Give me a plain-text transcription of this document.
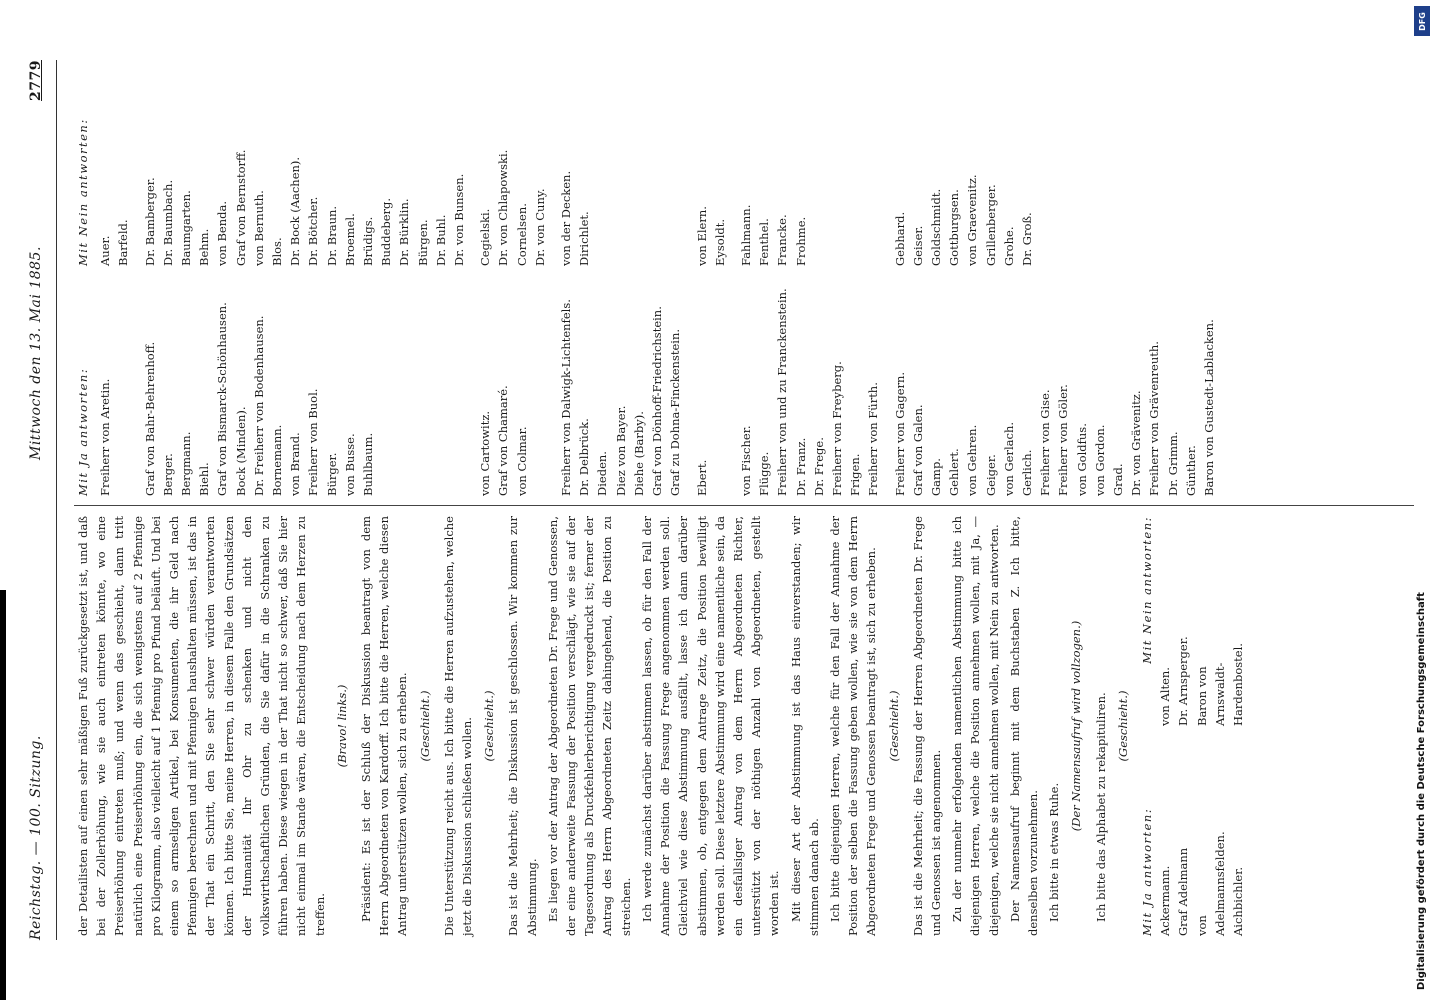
Reichstag. — 100. Sitzung.
Mittwoch den 13. Mai 1885.
2779

der Detailisten auf einen sehr mäßigen Fuß zurückgesetzt ist, und daß bei der Zollerhöhung, wie sie auch eintreten könnte, wo eine Preiserhöhung eintreten muß; und wenn das geschieht, dann tritt natürlich eine Preiserhöhung ein, die sich wenigstens auf 2 Pfennige pro Kilogramm, also vielleicht auf 1 Pfennig pro Pfund beläuft. Und bei einem so armseligen Artikel, bei Konsumenten, die ihr Geld nach Pfennigen berechnen und mit Pfennigen haushalten müssen, ist das in der That ein Schritt, den Sie sehr schwer würden verantworten können. Ich bitte Sie, meine Herren, in diesem Falle den Grundsätzen der Humanität Ihr Ohr zu schenken und nicht den volkswirthschaftlichen Gründen, die Sie dafür in die Schranken zu führen haben. Diese wiegen in der That nicht so schwer, daß Sie hier nicht einmal im Stande wären, die Entscheidung nach dem Herzen zu treffen.

(Bravo! links.) Präsident: Es ist der Schluß der Diskussion beantragt von dem Herrn Abgeordneten von Kardorff. Ich bitte die Herren, welche diesen Antrag unterstützen wollen, sich zu erheben. (Geschieht.) Die Unterstützung reicht aus. Ich bitte die Herren aufzustehen, welche jetzt die Diskussion schließen wollen. (Geschieht.) Das ist die Mehrheit; die Diskussion ist geschlossen. Wir kommen zur Abstimmung. Es liegen vor der Antrag der Abgeordneten Dr. Frege und Genossen, der eine anderweite Fassung der Position verschlägt, wie sie auf der Tagesordnung als Druckfehlerberichtigung vergedruckt ist; ferner der Antrag des Herrn Abgeordneten Zeitz dahingehend, die Position zu streichen. Ich werde zunächst darüber abstimmen lassen, ob für den Fall der Annahme der Position die Fassung Frege angenommen werden soll. Gleichviel wie diese Abstimmung ausfällt, lasse ich dann darüber abstimmen, ob, entgegen dem Antrage Zeitz, die Position bewilligt werden soll. Diese letztere Abstimmung wird eine namentliche sein, da ein desfallsiger Antrag von dem Herrn Abgeordneten Richter, unterstützt von der nöthigen Anzahl von Abgeordneten, gestellt worden ist. Mit dieser Art der Abstimmung ist das Haus einverstanden; wir stimmen danach ab. Ich bitte diejenigen Herren, welche für den Fall der Annahme der Position der selben die Fassung geben wollen, wie sie von dem Herrn Abgeordneten Frege und Genossen beantragt ist, sich zu erheben. (Geschieht.) Das ist die Mehrheit; die Fassung der Herren Abgeordneten Dr. Frege und Genossen ist angenommen. Zu der nunmehr erfolgenden namentlichen Abstimmung bitte ich diejenigen Herren, welche die Position annehmen wollen, mit Ja, — diejenigen, welche sie nicht annehmen wollen, mit Nein zu antworten. Der Namensaufruf beginnt mit dem Buchstaben Z. Ich bitte, denselben vorzunehmen. Ich bitte in etwas Ruhe.

(Der Namensaufruf wird vollzogen.) Ich bitte das Alphabet zu rekapituliren. (Geschieht.)

Mit Ja antworten:
Mit Nein antworten:
Ackermann. Graf Adelmann von Adelmannsfelden. Aichbichler.
von Alten. Dr. Arnsperger. Baron von Arnswaldt-Hardenbostel.
Mit Ja antworten:
Mit Nein antworten:
Freiherr von Aretin.
Auer. Barfeld.
Graf von Bahr-Behrenhoff. Berger. Bergmann. Biehl. Graf von Bismarck-Schönhausen. Bock (Minden). Dr. Freiherr von Bodenhausen. Bornemann. von Brand. Freiherr von Buol. Bürger. von Busse. Buhlbaum.
Dr. Bamberger. Dr. Baumbach. Baumgarten. Behm. von Benda. Graf von Bernstorff. von Bernuth. Blos. Dr. Bock (Aachen). Dr. Bötcher. Dr. Braun. Broemel. Brüdigs. Buddeberg. Dr. Bürklin. Bürgen. Dr. Buhl. Dr. von Bunsen.
von Cartowitz. Graf von Chamaré. von Colmar.
Cegielski. Dr. von Chlapowski. Cornelsen. Dr. von Cuny.
Freiherr von Dalwigk-Lichtenfels. Dr. Delbrück. Dieden. Diez von Bayer. Diehe (Barby). Graf von Dönhoff-Friedrichstein. Graf zu Dohna-Finckenstein.
von der Decken. Dirichlet.
Ebert.
von Elern. Eysoldt.
von Fischer. Flügge. Freiherr von und zu Franckenstein. Dr. Franz. Dr. Frege. Freiherr von Freyberg. Frigen. Freiherr von Fürth.
Fahlmann. Fenthel. Francke. Frohme.
Freiherr von Gagern. Graf von Galen. Gamp. Gehlert. von Gehren. Geiger. von Gerlach. Gerlich. Freiherr von Gise. Freiherr von Göler. von Goldfus. von Gordon. Grad. Dr. von Grävenitz. Freiherr von Grävenreuth. Dr. Grimm. Günther. Baron von Gustedt-Lablacken.
Gebhard. Geiser. Goldschmidt. Gottburgsen. von Graevenitz. Grillenberger. Grohe. Dr. Groß.
DFG
Digitalisierung gefördert durch die Deutsche Forschungsgemeinschaft
